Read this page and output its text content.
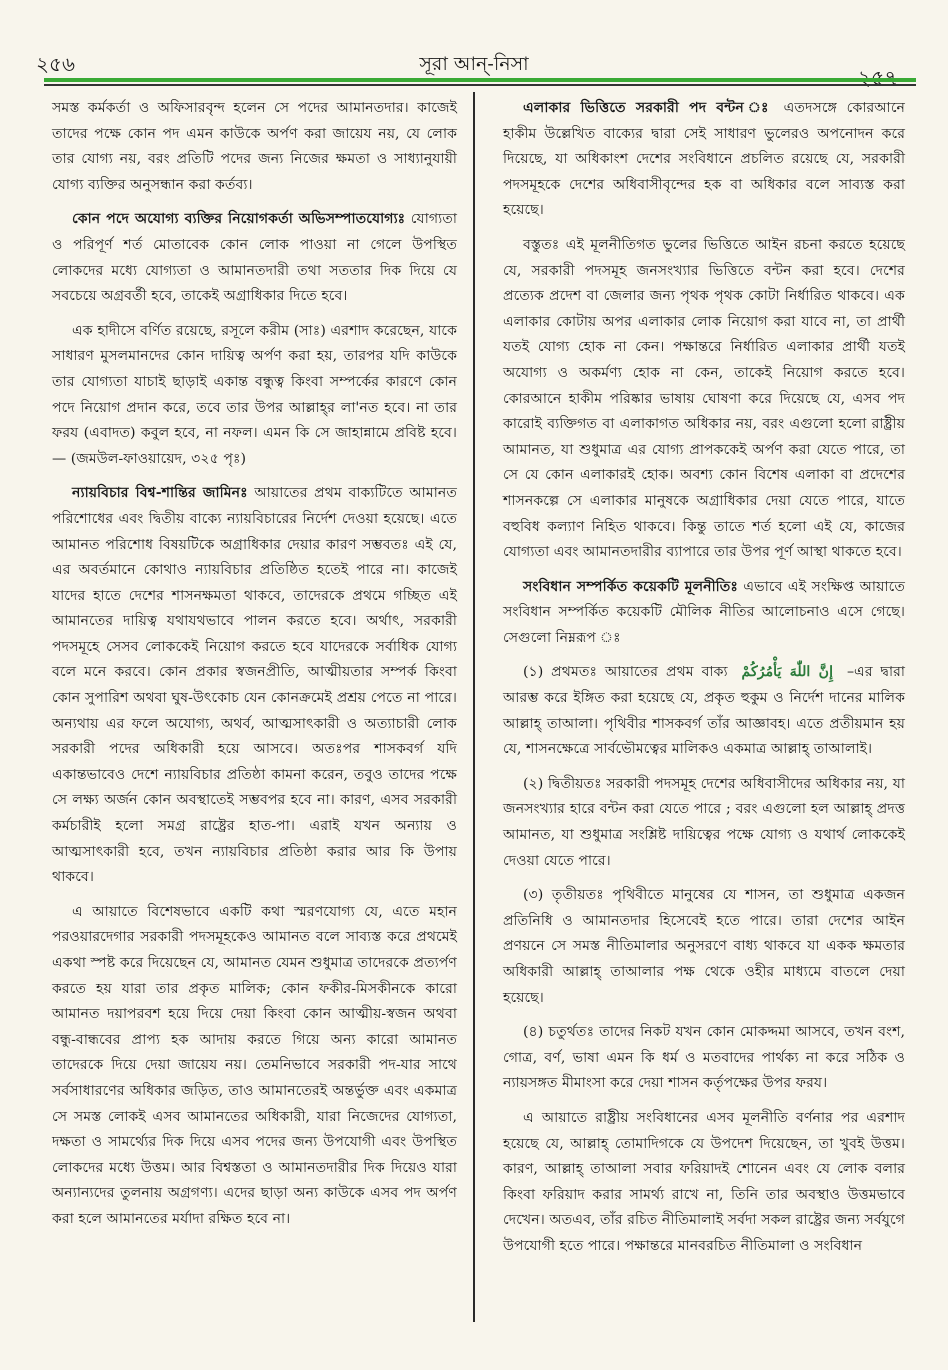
২৫৬	সূরা আন্-নিসা

সমস্ত কর্মকর্তা ও অফিসারবৃন্দ হলেন সে পদের আমানতদার। কাজেই তাদের পক্ষে কোন পদ এমন কাউকে অর্পণ করা জায়েয নয়, যে লোক তার যোগ্য নয়, বরং প্রতিটি পদের জন্য নিজের ক্ষমতা ও সাধ্যানুযায়ী যোগ্য ব্যক্তির অনুসন্ধান করা কর্তব্য।

কোন পদে অযোগ্য ব্যক্তির নিয়োগকর্তা অভিসম্পাতযোগ্যঃ যোগ্যতা ও পরিপূর্ণ শর্ত মোতাবেক কোন লোক পাওয়া না গেলে উপস্থিত লোকদের মধ্যে যোগ্যতা ও আমানতদারী তথা সততার দিক দিয়ে যে সবচেয়ে অগ্রবর্তী হবে, তাকেই অগ্রাধিকার দিতে হবে।

এক হাদীসে বর্ণিত রয়েছে, রসূলে করীম (সাঃ) এরশাদ করেছেন, যাকে সাধারণ মুসলমানদের কোন দায়িত্ব অর্পণ করা হয়, তারপর যদি কাউকে তার যোগ্যতা যাচাই ছাড়াই একান্ত বন্ধুত্ব কিংবা সম্পর্কের কারণে কোন পদে নিয়োগ প্রদান করে, তবে তার উপর আল্লাহ্‌র লা'নত হবে। না তার ফরয (এবাদত) কবুল হবে, না নফল। এমন কি সে জাহান্নামে প্রবিষ্ট হবে।— (জমউল-ফাওয়ায়েদ, ৩২৫ পৃঃ)

ন্যায়বিচার বিশ্ব-শান্তির জামিনঃ আয়াতের প্রথম বাক্যটিতে আমানত পরিশোধের এবং দ্বিতীয় বাক্যে ন্যায়বিচারের নির্দেশ দেওয়া হয়েছে। এতে আমানত পরিশোধ বিষয়টিকে অগ্রাধিকার দেয়ার কারণ সম্ভবতঃ এই যে, এর অবর্তমানে কোথাও ন্যায়বিচার প্রতিষ্ঠিত হতেই পারে না। কাজেই যাদের হাতে দেশের শাসনক্ষমতা থাকবে, তাদেরকে প্রথমে গচ্ছিত এই আমানতের দায়িত্ব যথাযথভাবে পালন করতে হবে। অর্থাৎ, সরকারী পদসমূহে সেসব লোককেই নিয়োগ করতে হবে যাদেরকে সর্বাধিক যোগ্য বলে মনে করবে। কোন প্রকার স্বজনপ্রীতি, আত্মীয়তার সম্পর্ক কিংবা কোন সুপারিশ অথবা ঘুষ-উৎকোচ যেন কোনক্রমেই প্রশ্রয় পেতে না পারে। অন্যথায় এর ফলে অযোগ্য, অথর্ব, আত্মসাৎকারী ও অত্যাচারী লোক সরকারী পদের অধিকারী হয়ে আসবে। অতঃপর শাসকবর্গ যদি একান্তভাবেও দেশে ন্যায়বিচার প্রতিষ্ঠা কামনা করেন, তবুও তাদের পক্ষে সে লক্ষ্য অর্জন কোন অবস্থাতেই সম্ভবপর হবে না। কারণ, এসব সরকারী কর্মচারীই হলো সমগ্র রাষ্ট্রের হাত-পা। এরাই যখন অন্যায় ও আত্মসাৎকারী হবে, তখন ন্যায়বিচার প্রতিষ্ঠা করার আর কি উপায় থাকবে।

এ আয়াতে বিশেষভাবে একটি কথা স্মরণযোগ্য যে, এতে মহান পরওয়ারদেগার সরকারী পদসমূহকেও আমানত বলে সাব্যস্ত করে প্রথমেই একথা স্পষ্ট করে দিয়েছেন যে, আমানত যেমন শুধুমাত্র তাদেরকে প্রত্যর্পণ করতে হয় যারা তার প্রকৃত মালিক; কোন ফকীর-মিসকীনকে কারো আমানত দয়াপরবশ হয়ে দিয়ে দেয়া কিংবা কোন আত্মীয়-স্বজন অথবা বন্ধু-বান্ধবের প্রাপ্য হক আদায় করতে গিয়ে অন্য কারো আমানত তাদেরকে দিয়ে দেয়া জায়েয নয়। তেমনিভাবে সরকারী পদ-যার সাথে সর্বসাধারণের অধিকার জড়িত, তাও আমানতেরই অন্তর্ভুক্ত এবং একমাত্র সে সমস্ত লোকই এসব আমানতের অধিকারী, যারা নিজেদের যোগ্যতা, দক্ষতা ও সামর্থ্যের দিক দিয়ে এসব পদের জন্য উপযোগী এবং উপস্থিত লোকদের মধ্যে উত্তম। আর বিশ্বস্ততা ও আমানতদারীর দিক দিয়েও যারা অন্যান্যদের তুলনায় অগ্রগণ্য। এদের ছাড়া অন্য কাউকে এসব পদ অর্পণ করা হলে আমানতের মর্যাদা রক্ষিত হবে না।

এলাকার ভিত্তিতে সরকারী পদ বন্টন ঃ এতদসঙ্গে কোরআনে হাকীম উল্লেখিত বাক্যের দ্বারা সেই সাধারণ ভুলেরও অপনোদন করে দিয়েছে, যা অধিকাংশ দেশের সংবিধানে প্রচলিত রয়েছে যে, সরকারী পদসমূহকে দেশের অধিবাসীবৃন্দের হক বা অধিকার বলে সাব্যস্ত করা হয়েছে।

বস্তুতঃ এই মূলনীতিগত ভুলের ভিত্তিতে আইন রচনা করতে হয়েছে যে, সরকারী পদসমূহ জনসংখ্যার ভিত্তিতে বন্টন করা হবে। দেশের প্রত্যেক প্রদেশ বা জেলার জন্য পৃথক পৃথক কোটা নির্ধারিত থাকবে। এক এলাকার কোটায় অপর এলাকার লোক নিয়োগ করা যাবে না, তা প্রার্থী যতই যোগ্য হোক না কেন। পক্ষান্তরে নির্ধারিত এলাকার প্রার্থী যতই অযোগ্য ও অকর্মণ্য হোক না কেন, তাকেই নিয়োগ করতে হবে। কোরআনে হাকীম পরিষ্কার ভাষায় ঘোষণা করে দিয়েছে যে, এসব পদ কারোই ব্যক্তিগত বা এলাকাগত অধিকার নয়, বরং এগুলো হলো রাষ্ট্রীয় আমানত, যা শুধুমাত্র এর যোগ্য প্রাপককেই অর্পণ করা যেতে পারে, তা সে যে কোন এলাকারই হোক। অবশ্য কোন বিশেষ এলাকা বা প্রদেশের শাসনকল্পে সে এলাকার মানুষকে অগ্রাধিকার দেয়া যেতে পারে, যাতে বহুবিধ কল্যাণ নিহিত থাকবে। কিন্তু তাতে শর্ত হলো এই যে, কাজের যোগ্যতা এবং আমানতদারীর ব্যাপারে তার উপর পূর্ণ আস্থা থাকতে হবে।

সংবিধান সম্পর্কিত কয়েকটি মূলনীতিঃ এভাবে এই সংক্ষিপ্ত আয়াতে সংবিধান সম্পর্কিত কয়েকটি মৌলিক নীতির আলোচনাও এসে গেছে। সেগুলো নিম্নরূপ ঃ

(১) প্রথমতঃ আয়াতের প্রথম বাক্য إِنَّ اللّٰهَ يَأْمُرُكُمْ –এর দ্বারা আরম্ভ করে ইঙ্গিত করা হয়েছে যে, প্রকৃত হুকুম ও নির্দেশ দানের মালিক আল্লাহ্ তাআলা। পৃথিবীর শাসকবর্গ তাঁর আজ্ঞাবহ। এতে প্রতীয়মান হয় যে, শাসনক্ষেত্রে সার্বভৌমত্বের মালিকও একমাত্র আল্লাহ্ তাআলাই।

(২) দ্বিতীয়তঃ সরকারী পদসমূহ দেশের অধিবাসীদের অধিকার নয়, যা জনসংখ্যার হারে বন্টন করা যেতে পারে ; বরং এগুলো হল আল্লাহ্ প্রদত্ত আমানত, যা শুধুমাত্র সংশ্লিষ্ট দায়িত্বের পক্ষে যোগ্য ও যথার্থ লোককেই দেওয়া যেতে পারে।

(৩) তৃতীয়তঃ পৃথিবীতে মানুষের যে শাসন, তা শুধুমাত্র একজন প্রতিনিধি ও আমানতদার হিসেবেই হতে পারে। তারা দেশের আইন প্রণয়নে সে সমস্ত নীতিমালার অনুসরণে বাধ্য থাকবে যা একক ক্ষমতার অধিকারী আল্লাহ্ তাআলার পক্ষ থেকে ওহীর মাধ্যমে বাতলে দেয়া হয়েছে।

(৪) চতুর্থতঃ তাদের নিকট যখন কোন মোকদ্দমা আসবে, তখন বংশ, গোত্র, বর্ণ, ভাষা এমন কি ধর্ম ও মতবাদের পার্থক্য না করে সঠিক ও ন্যায়সঙ্গত মীমাংসা করে দেয়া শাসন কর্তৃপক্ষের উপর ফরয।

এ আয়াতে রাষ্ট্রীয় সংবিধানের এসব মূলনীতি বর্ণনার পর এরশাদ হয়েছে যে, আল্লাহ্ তোমাদিগকে যে উপদেশ দিয়েছেন, তা খুবই উত্তম। কারণ, আল্লাহ্ তাআলা সবার ফরিয়াদই শোনেন এবং যে লোক বলার কিংবা ফরিয়াদ করার সামর্থ্য রাখে না, তিনি তার অবস্থাও উত্তমভাবে দেখেন। অতএব, তাঁর রচিত নীতিমালাই সর্বদা সকল রাষ্ট্রের জন্য সর্বযুগে উপযোগী হতে পারে। পক্ষান্তরে মানবরচিত নীতিমালা ও সংবিধান
